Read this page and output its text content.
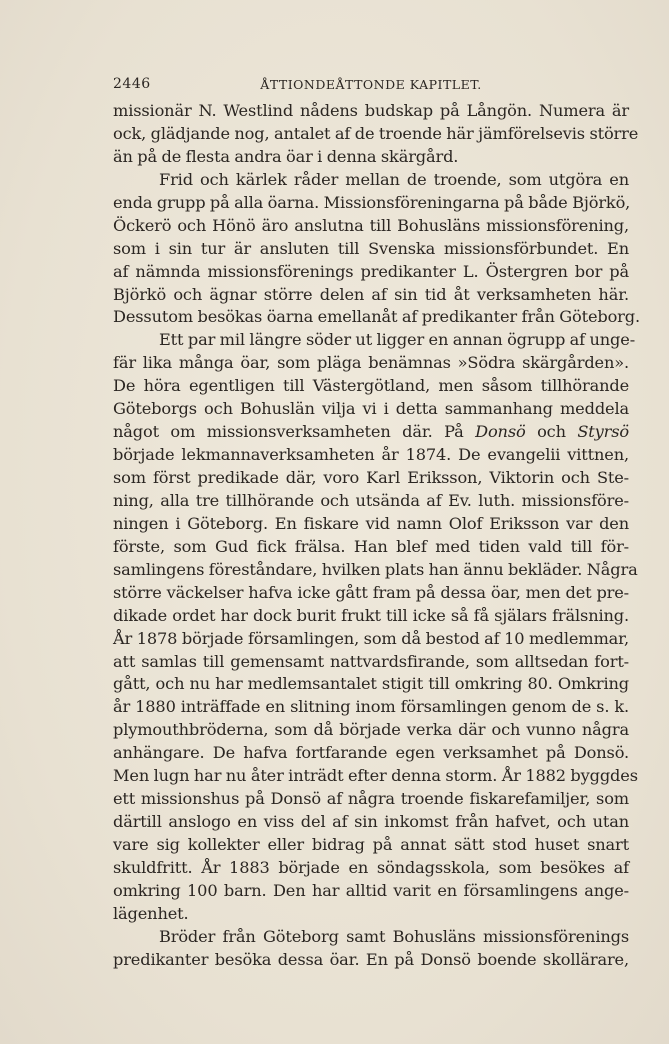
2446	ÅTTIONDEÅTTONDE KAPITLET.
missionär N. Westlind nådens budskap på Långön. Numera är
ock, glädjande nog, antalet af de troende här jämförelsevis större
än på de flesta andra öar i denna skärgård.
Frid och kärlek råder mellan de troende, som utgöra en
enda grupp på alla öarna. Missionsföreningarna på både Björkö,
Öckerö och Hönö äro anslutna till Bohusläns missionsförening,
som i sin tur är ansluten till Svenska missionsförbundet. En
af nämnda missionsförenings predikanter L. Östergren bor på
Björkö och ägnar större delen af sin tid åt verksamheten här.
Dessutom besökas öarna emellanåt af predikanter från Göteborg.
Ett par mil längre söder ut ligger en annan ögrupp af unge-
fär lika många öar, som pläga benämnas »Södra skärgården».
De höra egentligen till Västergötland, men såsom tillhörande
Göteborgs och Bohuslän vilja vi i detta sammanhang meddela
något om missionsverksamheten där. På Donsö och Styrsö
började lekmannaverksamheten år 1874. De evangelii vittnen,
som först predikade där, voro Karl Eriksson, Viktorin och Ste-
ning, alla tre tillhörande och utsända af Ev. luth. missionsföre-
ningen i Göteborg. En fiskare vid namn Olof Eriksson var den
förste, som Gud fick frälsa. Han blef med tiden vald till för-
samlingens föreståndare, hvilken plats han ännu bekläder. Några
större väckelser hafva icke gått fram på dessa öar, men det pre-
dikade ordet har dock burit frukt till icke så få själars frälsning.
År 1878 började församlingen, som då bestod af 10 medlemmar,
att samlas till gemensamt nattvardsfirande, som alltsedan fort-
gått, och nu har medlemsantalet stigit till omkring 80. Omkring
år 1880 inträffade en slitning inom församlingen genom de s. k.
plymouthbröderna, som då började verka där och vunno några
anhängare. De hafva fortfarande egen verksamhet på Donsö.
Men lugn har nu åter inträdt efter denna storm. År 1882 byggdes
ett missionshus på Donsö af några troende fiskarefamiljer, som
därtill anslogo en viss del af sin inkomst från hafvet, och utan
vare sig kollekter eller bidrag på annat sätt stod huset snart
skuldfritt. År 1883 började en söndagsskola, som besökes af
omkring 100 barn. Den har alltid varit en församlingens ange-
lägenhet.
Bröder från Göteborg samt Bohusläns missionsförenings
predikanter besöka dessa öar. En på Donsö boende skollärare,
